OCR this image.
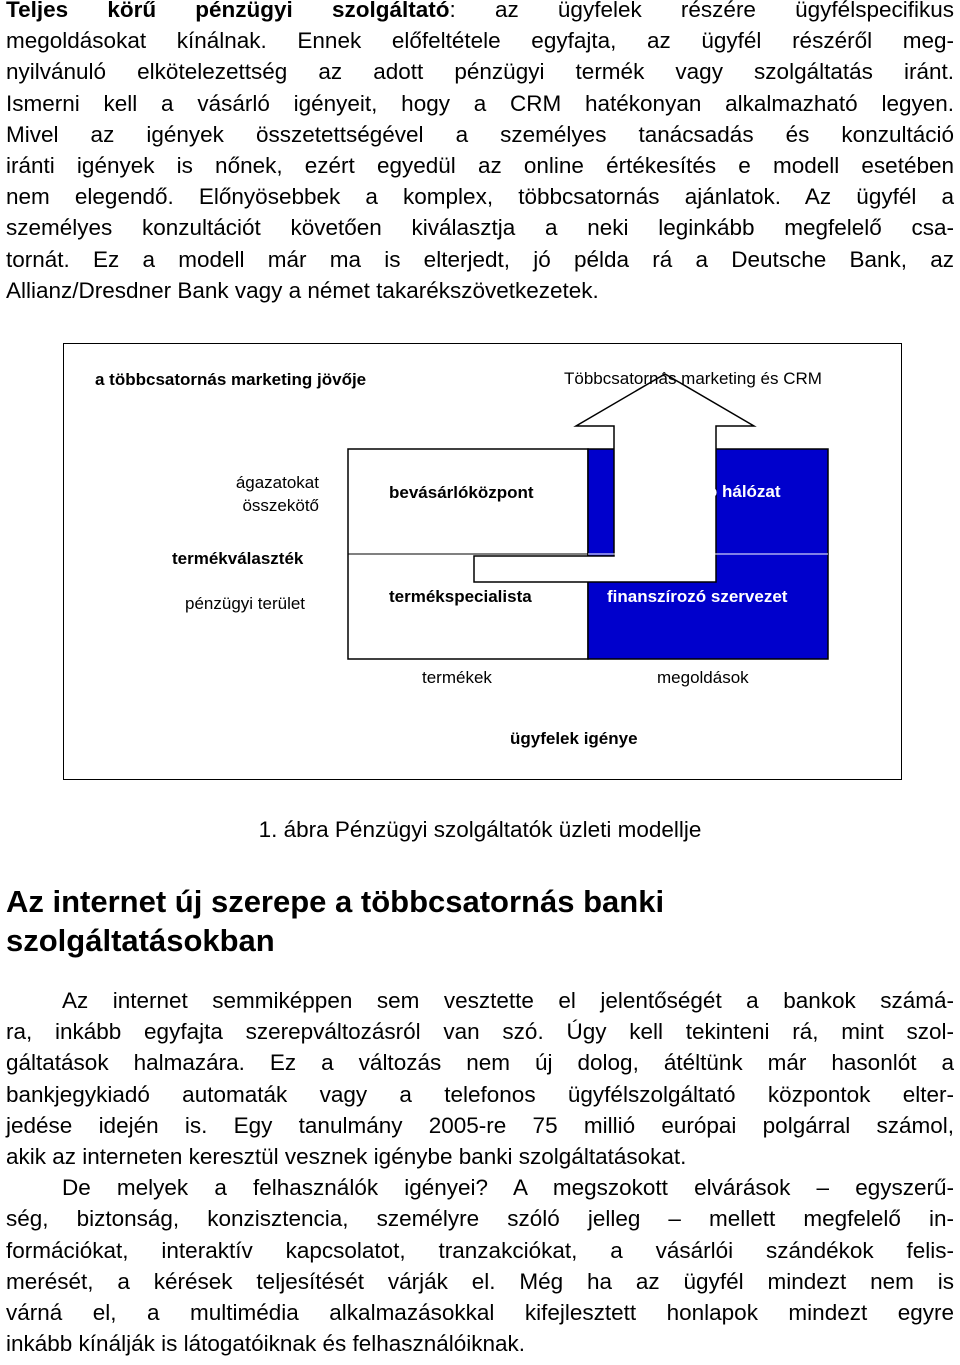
Teljes körű pénzügyi szolgáltató: az ügyfelek részére ügyfélspecifikus
megoldásokat kínálnak. Ennek előfeltétele egyfajta, az ügyfél részéről meg-
nyilvánuló elkötelezettség az adott pénzügyi termék vagy szolgáltatás iránt.
Ismerni kell a vásárló igényeit, hogy a CRM hatékonyan alkalmazható legyen.
Mivel az igények összetettségével a személyes tanácsadás és konzultáció
iránti igények is nőnek, ezért egyedül az online értékesítés e modell esetében
nem elegendő. Előnyösebbek a komplex, többcsatornás ajánlatok. Az ügyfél a
személyes konzultációt követően kiválasztja a neki leginkább megfelelő csa-
tornát. Ez a modell már ma is elterjedt, jó példa rá a Deutsche Bank, az
Allianz/Dresdner Bank vagy a német takarékszövetkezetek.
a többcsatornás marketing jövője	Többcsatornás marketing és CRM
ágazatokat
összekötő
termékválaszték
pénzügyi terület
bevásárlóközpont	kialakítandó hálózat
termékspecialista	finanszírozó szervezet
termékek	megoldások
ügyfelek igénye
1. ábra Pénzügyi szolgáltatók üzleti modellje
Az internet új szerepe a többcsatornás banki
szolgáltatásokban
Az internet semmiképpen sem vesztette el jelentőségét a bankok számá-
ra, inkább egyfajta szerepváltozásról van szó. Úgy kell tekinteni rá, mint szol-
gáltatások halmazára. Ez a változás nem új dolog, átéltünk már hasonlót a
bankjegykiadó automaták vagy a telefonos ügyfélszolgáltató központok elter-
jedése idején is. Egy tanulmány 2005-re 75 millió európai polgárral számol,
akik az interneten keresztül vesznek igénybe banki szolgáltatásokat.
De melyek a felhasználók igényei? A megszokott elvárások – egyszerű-
ség, biztonság, konzisztencia, személyre szóló jelleg – mellett megfelelő in-
formációkat, interaktív kapcsolatot, tranzakciókat, a vásárlói szándékok felis-
merését, a kérések teljesítését várják el. Még ha az ügyfél mindezt nem is
várná el, a multimédia alkalmazásokkal kifejlesztett honlapok mindezt egyre
inkább kínálják is látogatóiknak és felhasználóiknak.
